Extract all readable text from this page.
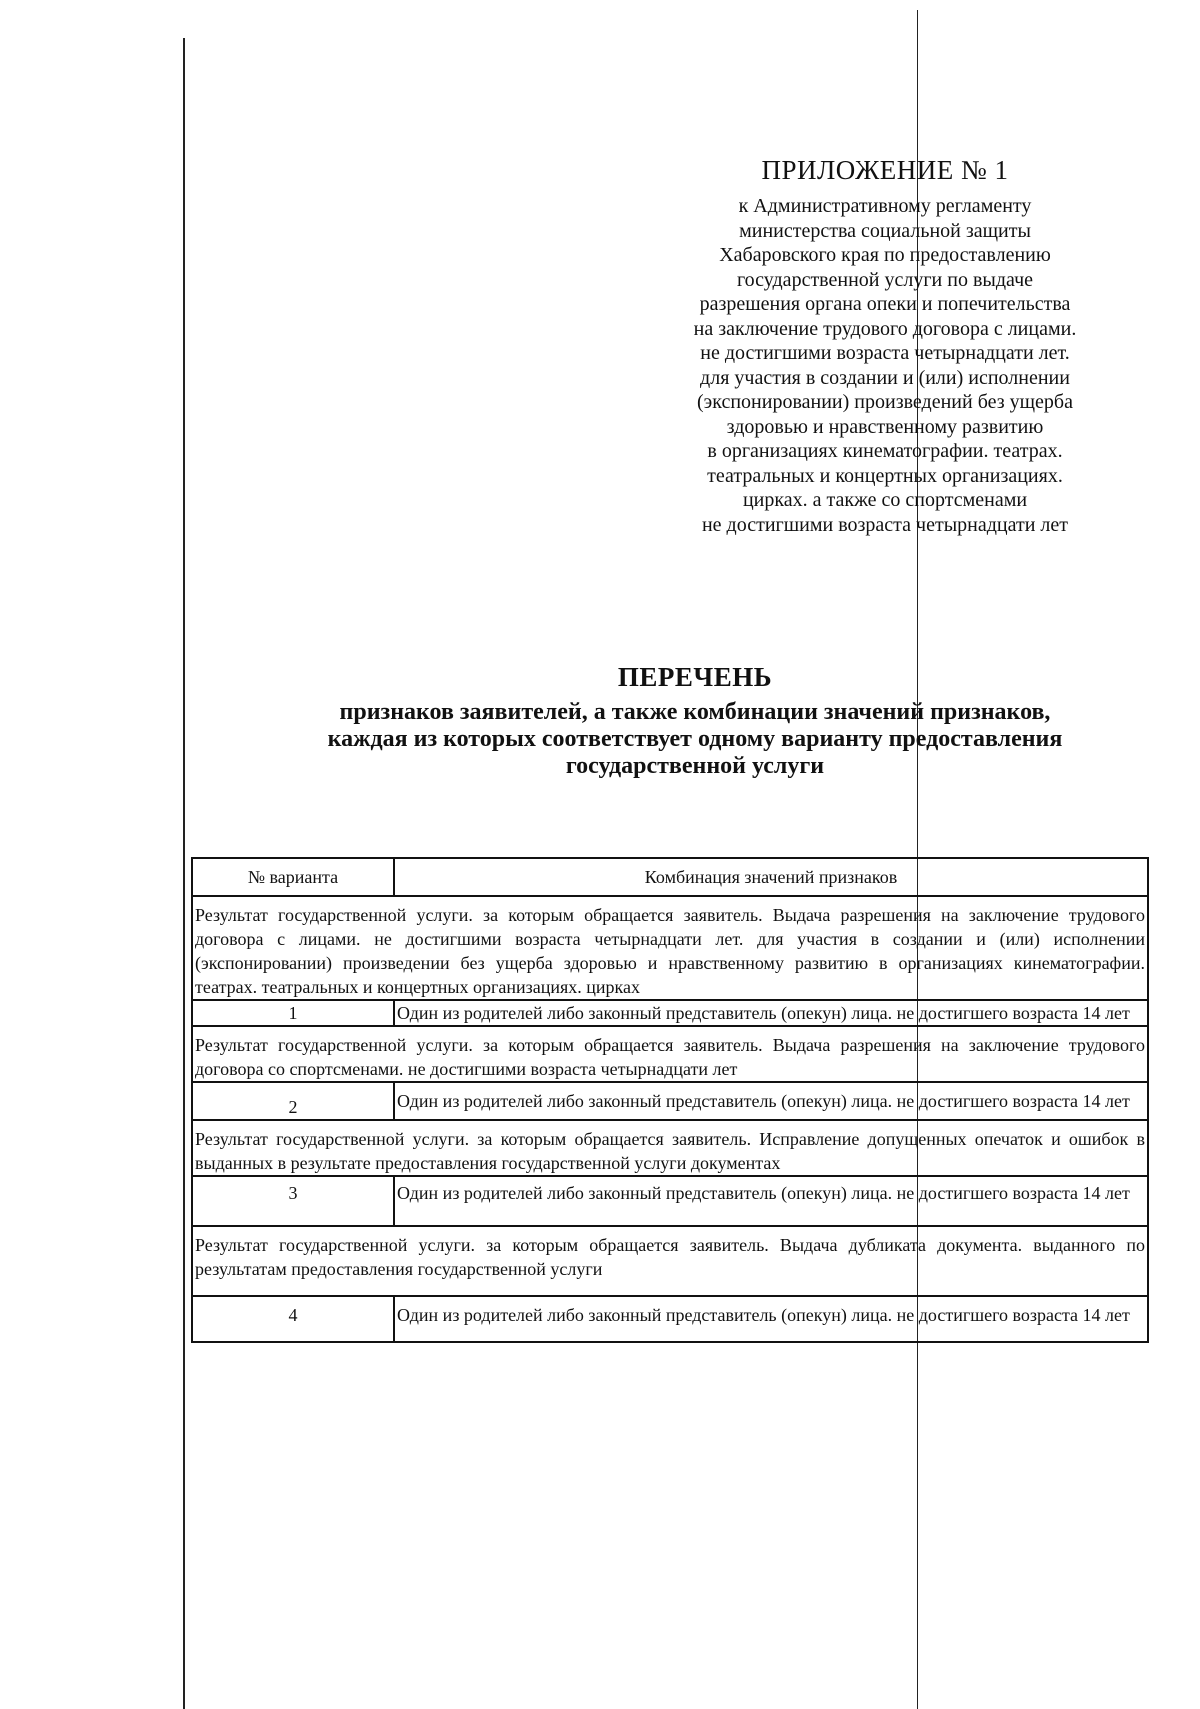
ПРИЛОЖЕНИЕ № 1
к Административному регламенту
министерства социальной защиты
Хабаровского края по предоставлению
государственной услуги по выдаче
разрешения органа опеки и попечительства
на заключение трудового договора с лицами.
не достигшими возраста четырнадцати лет.
для участия в создании и (или) исполнении
(экспонировании) произведений без ущерба
здоровью и нравственному развитию
в организациях кинематографии. театрах.
театральных и концертных организациях.
цирках. а также со спортсменами
не достигшими возраста четырнадцати лет
ПЕРЕЧЕНЬ
признаков заявителей, а также комбинации значений признаков,
каждая из которых соответствует одному варианту предоставления
государственной услуги
№ варианта	Комбинация значений признаков
Результат государственной услуги. за которым обращается заявитель. Выдача разрешения на заключение трудового договора с лицами. не достигшими возраста четырнадцати лет. для участия в создании и (или) исполнении (экспонировании) произведении без ущерба здоровью и нравственному развитию в организациях кинематографии. театрах. театральных и концертных организациях. цирках	
1	Один из родителей либо законный представитель (опекун) лица. не достигшего возраста 14 лет
Результат государственной услуги. за которым обращается заявитель. Выдача разрешения на заключение трудового договора со спортсменами. не достигшими возраста четырнадцати лет	
2	Один из родителей либо законный представитель (опекун) лица. не достигшего возраста 14 лет
Результат государственной услуги. за которым обращается заявитель. Исправление допущенных опечаток и ошибок в выданных в результате предоставления государственной услуги документах	
3	Один из родителей либо законный представитель (опекун) лица. не достигшего возраста 14 лет
Результат государственной услуги. за которым обращается заявитель. Выдача дубликата документа. выданного по результатам предоставления государственной услуги	
4	Один из родителей либо законный представитель (опекун) лица. не достигшего возраста 14 лет
